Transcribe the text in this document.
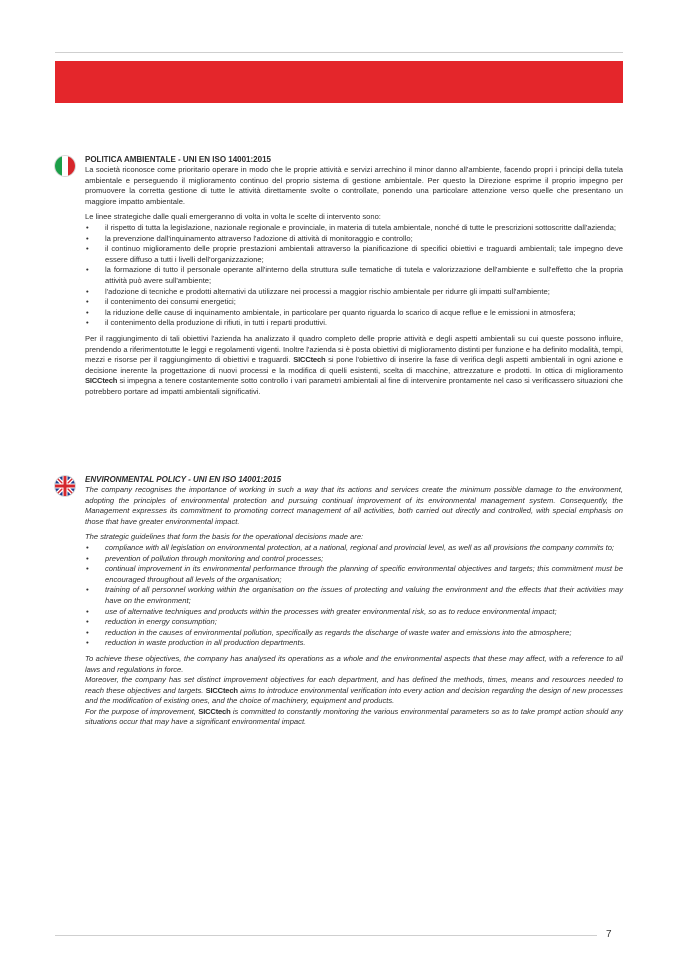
POLITICA AMBIENTALE - UNI EN ISO 14001:2015

La società riconosce come prioritario operare in modo che le proprie attività e servizi arrechino il minor danno all'ambiente, facendo propri i principi della tutela ambientale e perseguendo il miglioramento continuo del proprio sistema di gestione ambientale. Per questo la Direzione esprime il proprio impegno per promuovere la corretta gestione di tutte le attività direttamente svolte o controllate, ponendo una particolare attenzione verso quelle che presentano un maggiore impatto ambientale.

Le linee strategiche dalle quali emergeranno di volta in volta le scelte di intervento sono:

• il rispetto di tutta la legislazione, nazionale regionale e provinciale, in materia di tutela ambientale, nonché di tutte le prescrizioni sottoscritte dall'azienda;
• la prevenzione dall'inquinamento attraverso l'adozione di attività di monitoraggio e controllo;
• il continuo miglioramento delle proprie prestazioni ambientali attraverso la pianificazione di specifici obiettivi e traguardi ambientali; tale impegno deve essere diffuso a tutti i livelli dell'organizzazione;
• la formazione di tutto il personale operante all'interno della struttura sulle tematiche di tutela e valorizzazione dell'ambiente e sull'effetto che la propria attività può avere sull'ambiente;
• l'adozione di tecniche e prodotti alternativi da utilizzare nei processi a maggior rischio ambientale per ridurre gli impatti sull'ambiente;
• il contenimento dei consumi energetici;
• la riduzione delle cause di inquinamento ambientale, in particolare per quanto riguarda lo scarico di acque reflue e le emissioni in atmosfera;
• il contenimento della produzione di rifiuti, in tutti i reparti produttivi.

Per il raggiungimento di tali obiettivi l'azienda ha analizzato il quadro completo delle proprie attività e degli aspetti ambientali su cui queste possono influire, prendendo a riferimentotutte le leggi e regolamenti vigenti. Inoltre l'azienda si è posta obiettivi di miglioramento distinti per funzione e ha definito modalità, tempi, mezzi e risorse per il raggiungimento di obiettivi e traguardi. SICCtech si pone l'obiettivo di inserire la fase di verifica degli aspetti ambientali in ogni azione e decisione inerente la progettazione di nuovi processi e la modifica di quelli esistenti, scelta di macchine, attrezzature e prodotti. In ottica di miglioramento SICCtech si impegna a tenere costantemente sotto controllo i vari parametri ambientali al fine di intervenire prontamente nel caso si verificassero situazioni che potrebbero portare ad impatti ambientali significativi.

ENVIRONMENTAL POLICY - UNI EN ISO 14001:2015

The company recognises the importance of working in such a way that its actions and services create the minimum possible damage to the environment, adopting the principles of environmental protection and pursuing continual improvement of its environmental management system. Consequently, the Management expresses its commitment to promoting correct management of all activities, both carried out directly and controlled, with special emphasis on those that have greater environmental impact.

The strategic guidelines that form the basis for the operational decisions made are:

• compliance with all legislation on environmental protection, at a national, regional and provincial level, as well as all provisions the company commits to;
• prevention of pollution through monitoring and control processes;
• continual improvement in its environmental performance through the planning of specific environmental objectives and targets; this commitment must be encouraged throughout all levels of the organisation;
• training of all personnel working within the organisation on the issues of protecting and valuing the environment and the effects that their activities may have on the environment;
• use of alternative techniques and products within the processes with greater environmental risk, so as to reduce environmental impact;
• reduction in energy consumption;
• reduction in the causes of environmental pollution, specifically as regards the discharge of waste water and emissions into the atmosphere;
• reduction in waste production in all production departments.

To achieve these objectives, the company has analysed its operations as a whole and the environmental aspects that these may affect, with a reference to all laws and regulations in force.

Moreover, the company has set distinct improvement objectives for each department, and has defined the methods, times, means and resources needed to reach these objectives and targets. SICCtech aims to introduce environmental verification into every action and decision regarding the design of new processes and the modification of existing ones, and the choice of machinery, equipment and products.

For the purpose of improvement, SICCtech is committed to constantly monitoring the various environmental parameters so as to take prompt action should any situations occur that may have a significant environmental impact.

7
